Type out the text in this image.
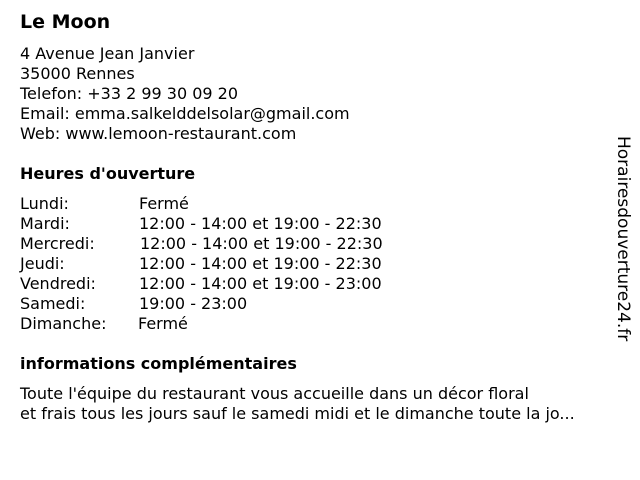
Le Moon
4 Avenue Jean Janvier
35000 Rennes
Telefon: +33 2 99 30 09 20
Email: emma.salkelddelsolar@gmail.com
Web: www.lemoon-restaurant.com
Heures d'ouverture
Lundi:	Fermé
Mardi:	12:00 - 14:00 et 19:00 - 22:30
Mercredi:	12:00 - 14:00 et 19:00 - 22:30
Jeudi:	12:00 - 14:00 et 19:00 - 22:30
Vendredi:	12:00 - 14:00 et 19:00 - 23:00
Samedi:	19:00 - 23:00
Dimanche: Fermé
informations complémentaires
Toute l'équipe du restaurant vous accueille dans un décor floral
et frais tous les jours sauf le samedi midi et le dimanche toute la jo...
Horairesdouverture24.fr
